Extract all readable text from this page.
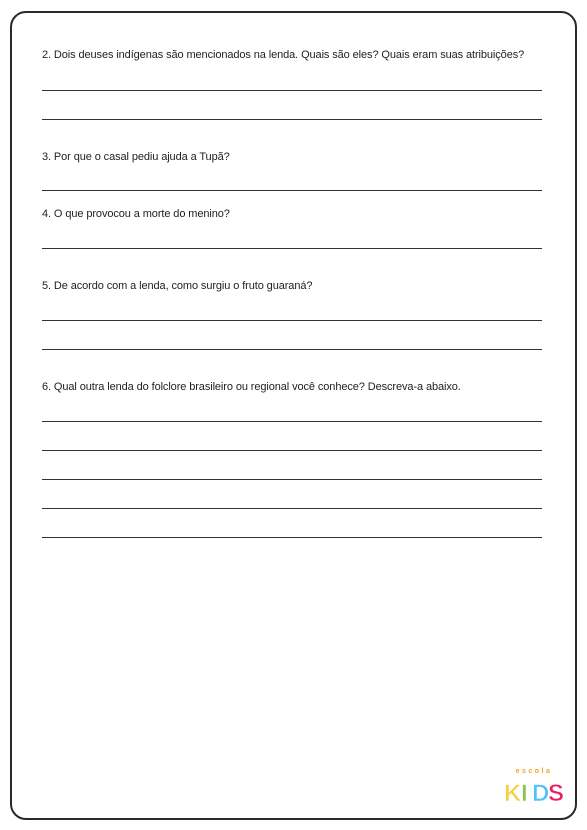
2. Dois deuses indígenas são mencionados na lenda. Quais são eles? Quais eram suas atribuições?
3. Por que o casal pediu ajuda a Tupã?
4. O que provocou a morte do menino?
5. De acordo com a lenda, como surgiu o fruto guaraná?
6. Qual outra lenda do folclore brasileiro ou regional você conhece? Descreva-a abaixo.
escola
K I D
S
